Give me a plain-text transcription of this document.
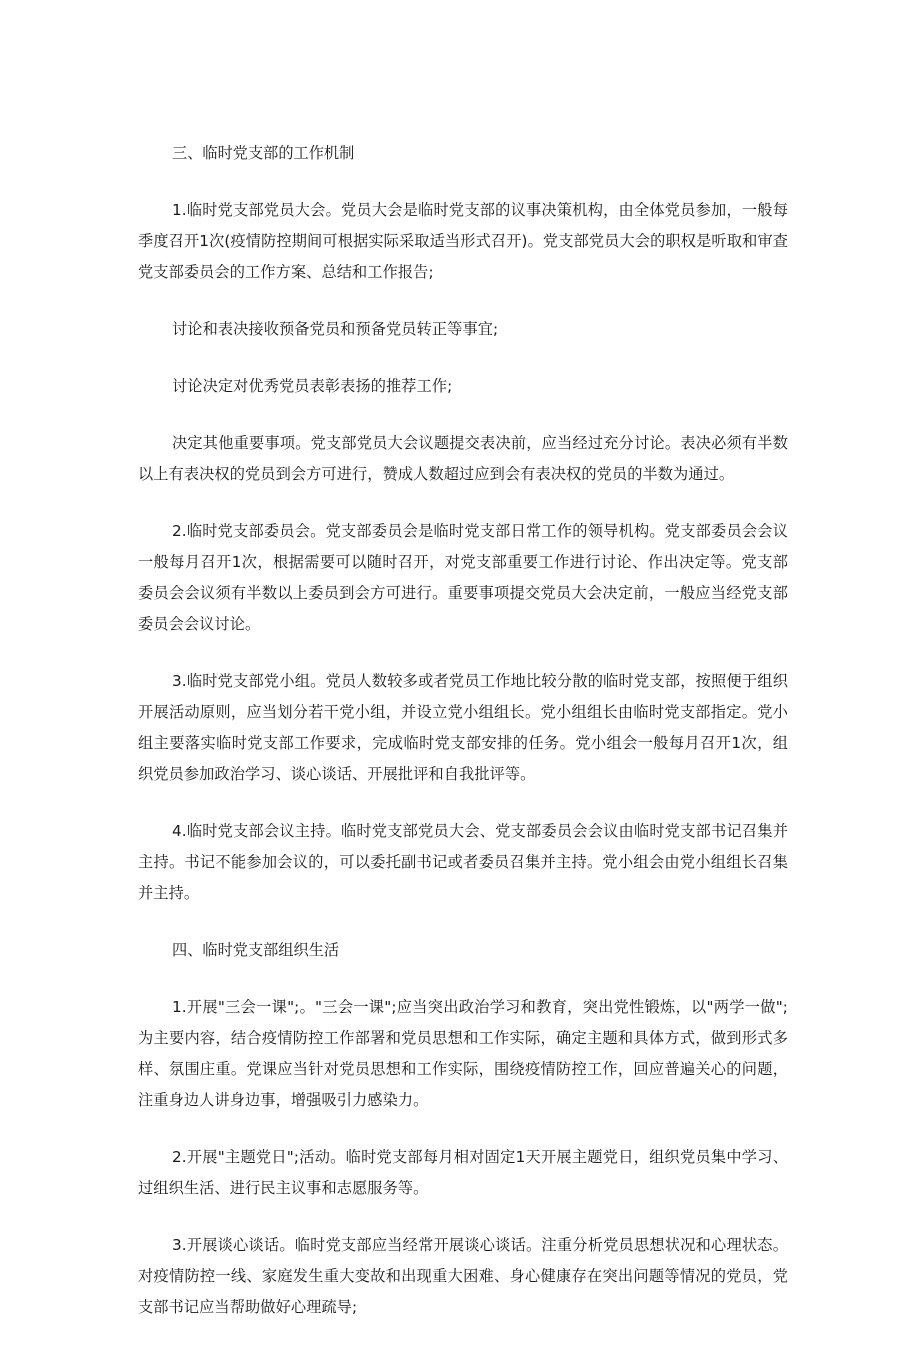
三、临时党支部的工作机制

1.临时党支部党员大会。党员大会是临时党支部的议事决策机构，由全体党员参加，一般每季度召开1次(疫情防控期间可根据实际采取适当形式召开)。党支部党员大会的职权是听取和审查党支部委员会的工作方案、总结和工作报告;

讨论和表决接收预备党员和预备党员转正等事宜;

讨论决定对优秀党员表彰表扬的推荐工作;

决定其他重要事项。党支部党员大会议题提交表决前，应当经过充分讨论。表决必须有半数以上有表决权的党员到会方可进行，赞成人数超过应到会有表决权的党员的半数为通过。

2.临时党支部委员会。党支部委员会是临时党支部日常工作的领导机构。党支部委员会会议一般每月召开1次，根据需要可以随时召开，对党支部重要工作进行讨论、作出决定等。党支部委员会会议须有半数以上委员到会方可进行。重要事项提交党员大会决定前，一般应当经党支部委员会会议讨论。

3.临时党支部党小组。党员人数较多或者党员工作地比较分散的临时党支部，按照便于组织开展活动原则，应当划分若干党小组，并设立党小组组长。党小组组长由临时党支部指定。党小组主要落实临时党支部工作要求，完成临时党支部安排的任务。党小组会一般每月召开1次，组织党员参加政治学习、谈心谈话、开展批评和自我批评等。

4.临时党支部会议主持。临时党支部党员大会、党支部委员会会议由临时党支部书记召集并主持。书记不能参加会议的，可以委托副书记或者委员召集并主持。党小组会由党小组组长召集并主持。

四、临时党支部组织生活

1.开展"三会一课";。"三会一课";应当突出政治学习和教育，突出党性锻炼，以"两学一做";为主要内容，结合疫情防控工作部署和党员思想和工作实际，确定主题和具体方式，做到形式多样、氛围庄重。党课应当针对党员思想和工作实际，围绕疫情防控工作，回应普遍关心的问题，注重身边人讲身边事，增强吸引力感染力。

2.开展"主题党日";活动。临时党支部每月相对固定1天开展主题党日，组织党员集中学习、过组织生活、进行民主议事和志愿服务等。

3.开展谈心谈话。临时党支部应当经常开展谈心谈话。注重分析党员思想状况和心理状态。对疫情防控一线、家庭发生重大变故和出现重大困难、身心健康存在突出问题等情况的党员，党支部书记应当帮助做好心理疏导;
